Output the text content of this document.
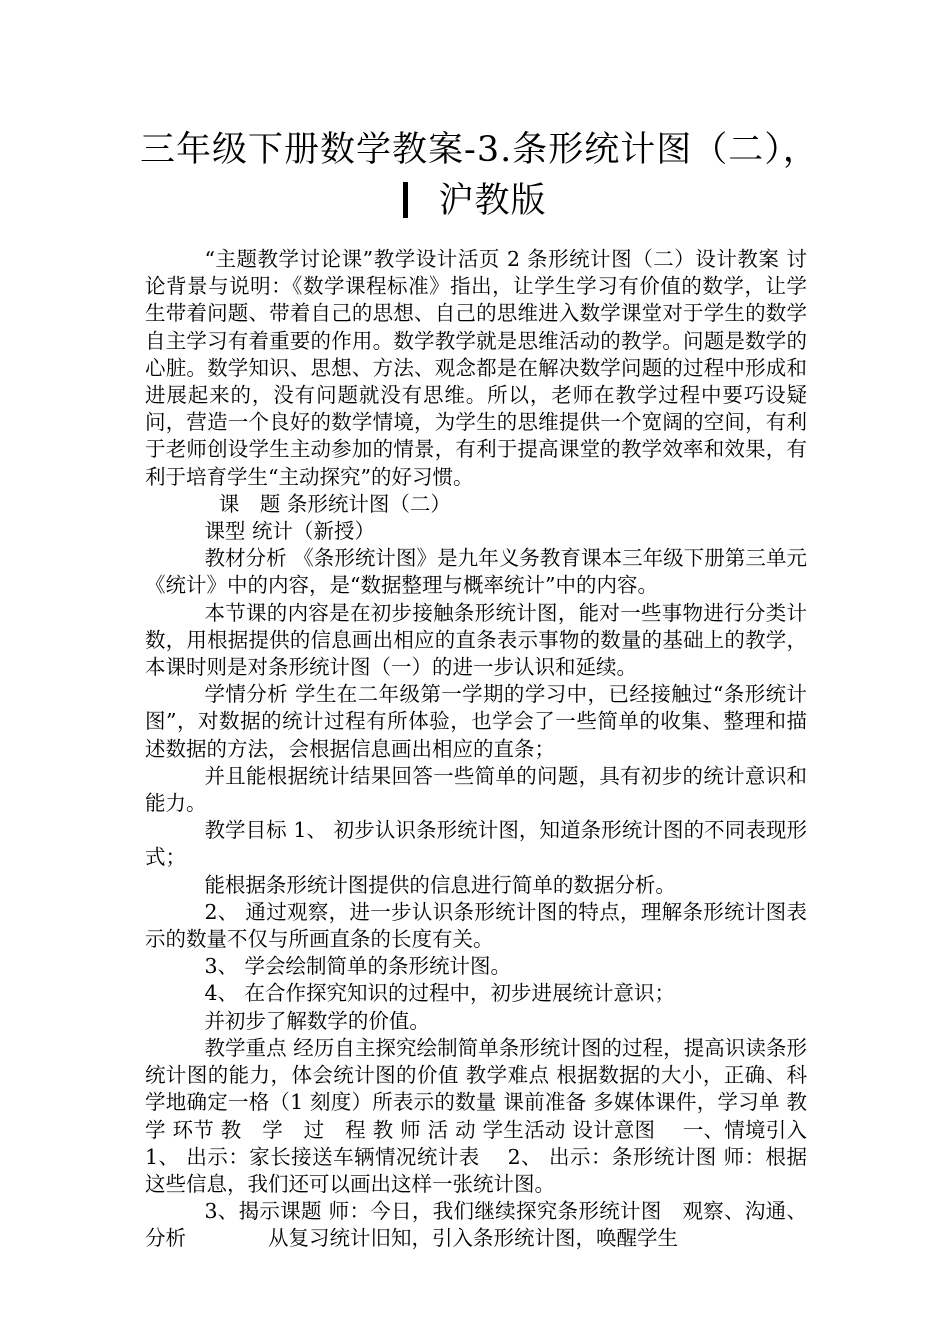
三年级下册数学教案-3.条形统计图（二），
沪教版

“主题教学讨论课”教学设计活页 2 条形统计图（二）设计教案 讨论背景与说明：《数学课程标准》指出，让学生学习有价值的数学，让学生带着问题、带着自己的思想、自己的思维进入数学课堂对于学生的数学自主学习有着重要的作用。数学教学就是思维活动的教学。问题是数学的心脏。数学知识、思想、方法、观念都是在解决数学问题的过程中形成和进展起来的，没有问题就没有思维。所以，老师在教学过程中要巧设疑问，营造一个良好的数学情境，为学生的思维提供一个宽阔的空间，有利于老师创设学生主动参加的情景，有利于提高课堂的教学效率和效果，有利于培育学生“主动探究”的好习惯。

课　题 条形统计图（二）

课型 统计（新授）

教材分析 《条形统计图》是九年义务教育课本三年级下册第三单元《统计》中的内容，是“数据整理与概率统计”中的内容。

本节课的内容是在初步接触条形统计图，能对一些事物进行分类计数，用根据提供的信息画出相应的直条表示事物的数量的基础上的教学，本课时则是对条形统计图（一）的进一步认识和延续。

学情分析 学生在二年级第一学期的学习中，已经接触过“条形统计图”，对数据的统计过程有所体验，也学会了一些简单的收集、整理和描述数据的方法，会根据信息画出相应的直条；

并且能根据统计结果回答一些简单的问题，具有初步的统计意识和能力。

教学目标 1、 初步认识条形统计图，知道条形统计图的不同表现形式；

能根据条形统计图提供的信息进行简单的数据分析。

2、 通过观察，进一步认识条形统计图的特点，理解条形统计图表示的数量不仅与所画直条的长度有关。

3、 学会绘制简单的条形统计图。

4、 在合作探究知识的过程中，初步进展统计意识；

并初步了解数学的价值。

教学重点 经历自主探究绘制简单条形统计图的过程，提高识读条形统计图的能力，体会统计图的价值 教学难点 根据数据的大小，正确、科学地确定一格（1 刻度）所表示的数量 课前准备 多媒体课件，学习单 教学 环节 教　学　过　程 教 师 活 动 学生活动 设计意图　 一、情境引入　 1、 出示：家长接送车辆情况统计表　 2、 出示：条形统计图 师：根据这些信息，我们还可以画出这样一张统计图。

3、揭示课题 师：今日，我们继续探究条形统计图　观察、沟通、分析　　　　从复习统计旧知，引入条形统计图，唤醒学生
